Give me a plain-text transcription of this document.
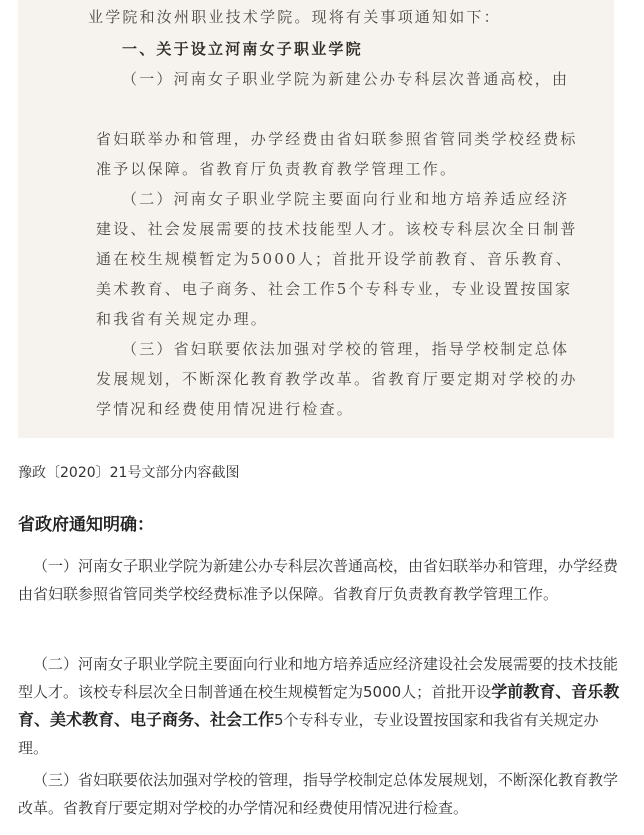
业学院和汝州职业技术学院。现将有关事项通知如下：

一、关于设立河南女子职业学院

（一）河南女子职业学院为新建公办专科层次普通高校，由

省妇联举办和管理，办学经费由省妇联参照省管同类学校经费标

准予以保障。省教育厅负责教育教学管理工作。

（二）河南女子职业学院主要面向行业和地方培养适应经济

建设、社会发展需要的技术技能型人才。该校专科层次全日制普

通在校生规模暂定为5000人；首批开设学前教育、音乐教育、

美术教育、电子商务、社会工作5个专科专业，专业设置按国家

和我省有关规定办理。

（三）省妇联要依法加强对学校的管理，指导学校制定总体

发展规划，不断深化教育教学改革。省教育厅要定期对学校的办

学情况和经费使用情况进行检查。

豫政〔2020〕21号文部分内容截图

省政府通知明确：

（一）河南女子职业学院为新建公办专科层次普通高校，由省妇联举办和管理，办学经费由省妇联参照省管同类学校经费标准予以保障。省教育厅负责教育教学管理工作。

（二）河南女子职业学院主要面向行业和地方培养适应经济建设社会发展需要的技术技能型人才。该校专科层次全日制普通在校生规模暂定为5000人；首批开设学前教育、音乐教育、美术教育、电子商务、社会工作5个专科专业，专业设置按国家和我省有关规定办理。

（三）省妇联要依法加强对学校的管理，指导学校制定总体发展规划，不断深化教育教学改革。省教育厅要定期对学校的办学情况和经费使用情况进行检查。
